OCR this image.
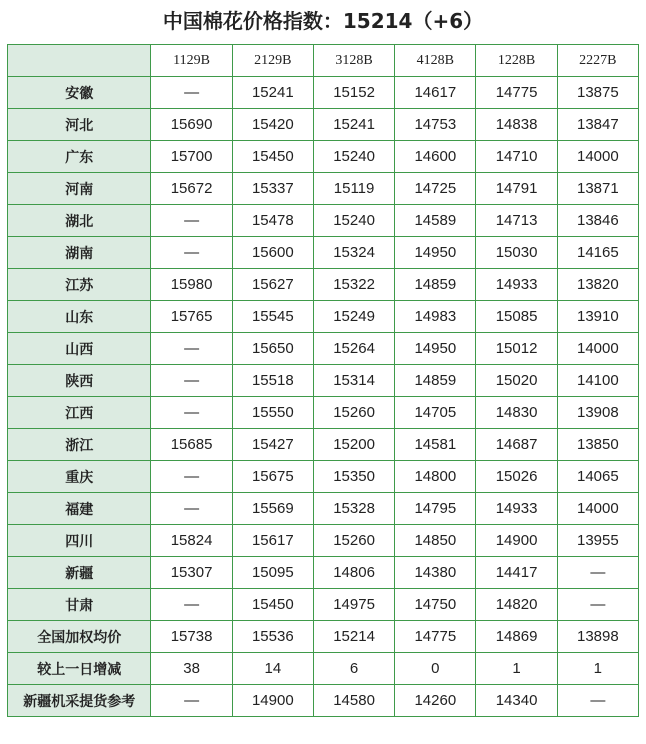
中国棉花价格指数：15214（+6）
	1129B	2129B	3128B	4128B	1228B	2227B
安徽	—	15241	15152	14617	14775	13875
河北	15690	15420	15241	14753	14838	13847
广东	15700	15450	15240	14600	14710	14000
河南	15672	15337	15119	14725	14791	13871
湖北	—	15478	15240	14589	14713	13846
湖南	—	15600	15324	14950	15030	14165
江苏	15980	15627	15322	14859	14933	13820
山东	15765	15545	15249	14983	15085	13910
山西	—	15650	15264	14950	15012	14000
陕西	—	15518	15314	14859	15020	14100
江西	—	15550	15260	14705	14830	13908
浙江	15685	15427	15200	14581	14687	13850
重庆	—	15675	15350	14800	15026	14065
福建	—	15569	15328	14795	14933	14000
四川	15824	15617	15260	14850	14900	13955
新疆	15307	15095	14806	14380	14417	—
甘肃	—	15450	14975	14750	14820	—
全国加权均价	15738	15536	15214	14775	14869	13898
较上一日增减	38	14	6	0	1	1
新疆机采提货参考	—	14900	14580	14260	14340	—
